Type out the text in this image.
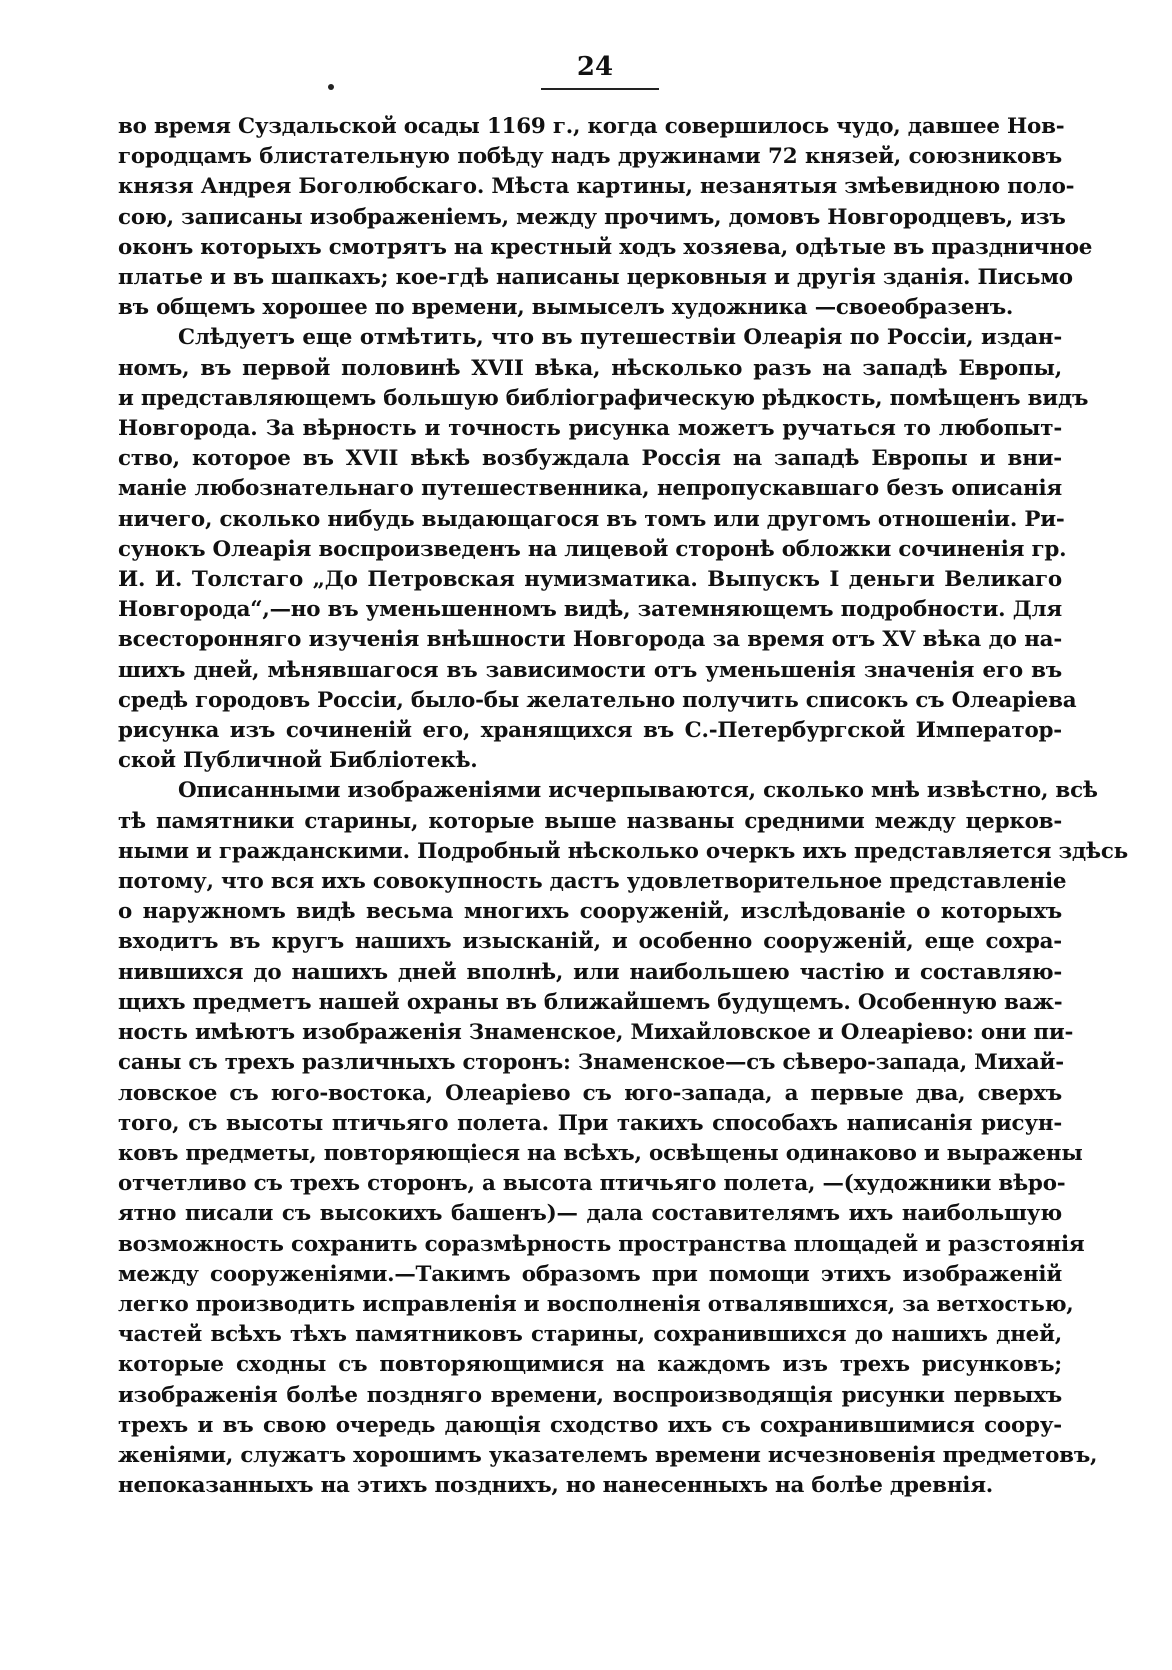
24
во время Суздальской осады 1169 г., когда совершилось чудо, давшее Нов-
городцамъ блистательную побѣду надъ дружинами 72 князей, союзниковъ
князя Андрея Боголюбскаго. Мѣста картины, незанятыя змѣевидною поло-
сою, записаны изображеніемъ, между прочимъ, домовъ Новгородцевъ, изъ
оконъ которыхъ смотрятъ на крестный ходъ хозяева, одѣтые въ праздничное
платье и въ шапкахъ; кое-гдѣ написаны церковныя и другія зданія. Письмо
въ общемъ хорошее по времени, вымыселъ художника —своеобразенъ.
Слѣдуетъ еще отмѣтить, что въ путешествіи Олеарія по Россіи, издан-
номъ, въ первой половинѣ XVII вѣка, нѣсколько разъ на западѣ Европы,
и представляющемъ большую библіографическую рѣдкость, помѣщенъ видъ
Новгорода. За вѣрность и точность рисунка можетъ ручаться то любопыт-
ство, которое въ XVII вѣкѣ возбуждала Россія на западѣ Европы и вни-
маніе любознательнаго путешественника, непропускавшаго безъ описанія
ничего, сколько нибудь выдающагося въ томъ или другомъ отношеніи. Ри-
сунокъ Олеарія воспроизведенъ на лицевой сторонѣ обложки сочиненія гр.
И. И. Толстаго „До Петровская нумизматика. Выпускъ I деньги Великаго
Новгорода“,—но въ уменьшенномъ видѣ, затемняющемъ подробности. Для
всесторонняго изученія внѣшности Новгорода за время отъ XV вѣка до на-
шихъ дней, мѣнявшагося въ зависимости отъ уменьшенія значенія его въ
средѣ городовъ Россіи, было-бы желательно получить списокъ съ Олеаріева
рисунка изъ сочиненій его, хранящихся въ С.-Петербургской Император-
ской Публичной Библіотекѣ.
Описанными изображеніями исчерпываются, сколько мнѣ извѣстно, всѣ
тѣ памятники старины, которые выше названы средними между церков-
ными и гражданскими. Подробный нѣсколько очеркъ ихъ представляется здѣсь
потому, что вся ихъ совокупность дастъ удовлетворительное представленіе
о наружномъ видѣ весьма многихъ сооруженій, изслѣдованіе о которыхъ
входитъ въ кругъ нашихъ изысканій, и особенно сооруженій, еще сохра-
нившихся до нашихъ дней вполнѣ, или наибольшею частію и составляю-
щихъ предметъ нашей охраны въ ближайшемъ будущемъ. Особенную важ-
ность имѣютъ изображенія Знаменское, Михайловское и Олеаріево: они пи-
саны съ трехъ различныхъ сторонъ: Знаменское—съ сѣверо-запада, Михай-
ловское съ юго-востока, Олеаріево съ юго-запада, а первые два, сверхъ
того, съ высоты птичьяго полета. При такихъ способахъ написанія рисун-
ковъ предметы, повторяющіеся на всѣхъ, освѣщены одинаково и выражены
отчетливо съ трехъ сторонъ, а высота птичьяго полета, —(художники вѣро-
ятно писали съ высокихъ башенъ)— дала составителямъ ихъ наибольшую
возможность сохранить соразмѣрность пространства площадей и разстоянія
между сооруженіями.—Такимъ образомъ при помощи этихъ изображеній
легко производить исправленія и восполненія отвалявшихся, за ветхостью,
частей всѣхъ тѣхъ памятниковъ старины, сохранившихся до нашихъ дней,
которые сходны съ повторяющимися на каждомъ изъ трехъ рисунковъ;
изображенія болѣе поздняго времени, воспроизводящія рисунки первыхъ
трехъ и въ свою очередь дающія сходство ихъ съ сохранившимися соору-
женіями, служатъ хорошимъ указателемъ времени исчезновенія предметовъ,
непоказанныхъ на этихъ позднихъ, но нанесенныхъ на болѣе древнія.
